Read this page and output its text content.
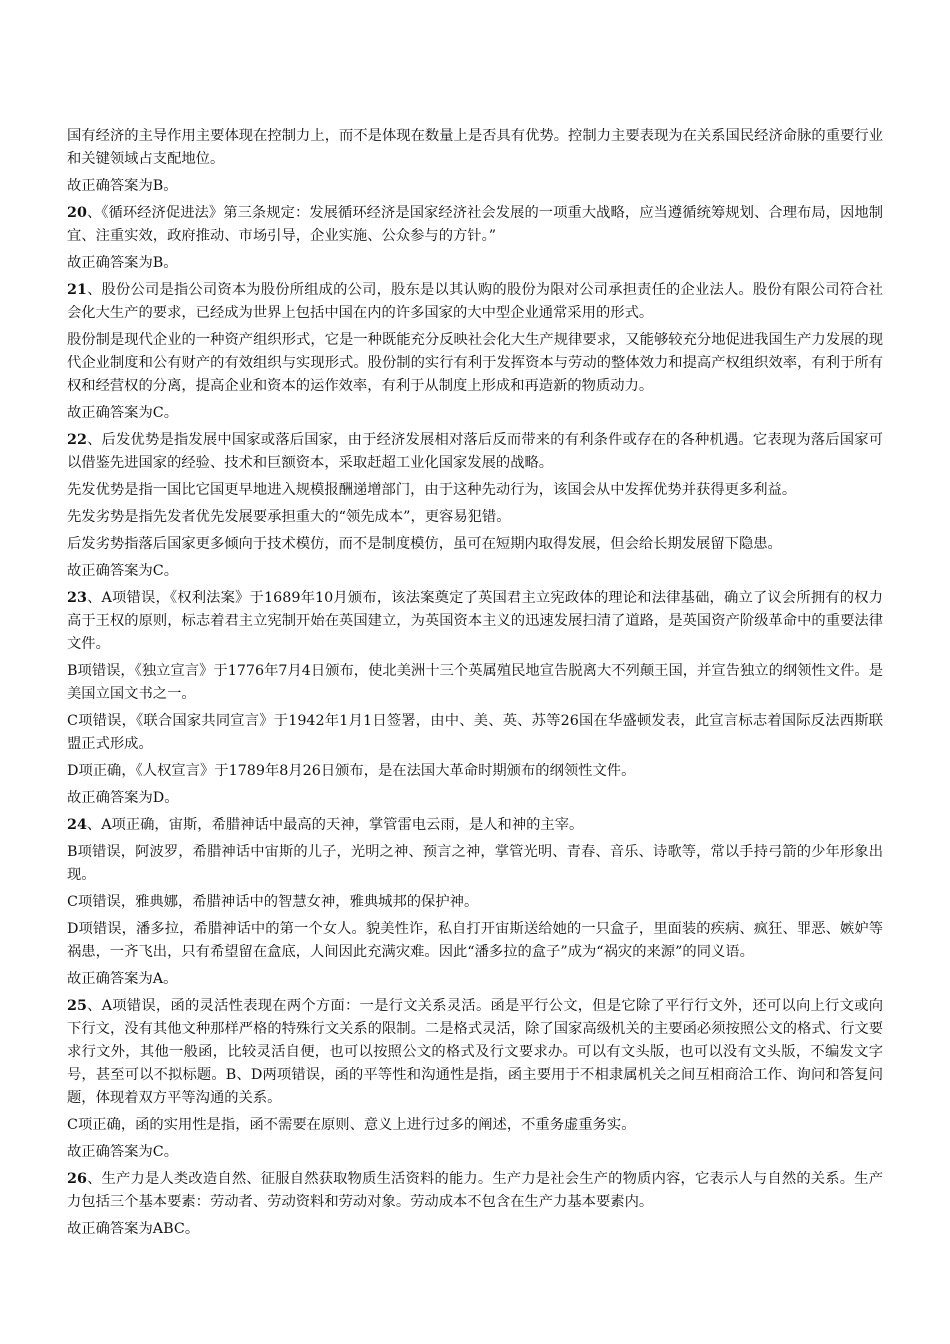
国有经济的主导作用主要体现在控制力上，而不是体现在数量上是否具有优势。控制力主要表现为在关系国民经济命脉的重要行业和关键领域占支配地位。

故正确答案为B。

20、《循环经济促进法》第三条规定：发展循环经济是国家经济社会发展的一项重大战略，应当遵循统筹规划、合理布局，因地制宜、注重实效，政府推动、市场引导，企业实施、公众参与的方针。”

故正确答案为B。

21、股份公司是指公司资本为股份所组成的公司，股东是以其认购的股份为限对公司承担责任的企业法人。股份有限公司符合社会化大生产的要求，已经成为世界上包括中国在内的许多国家的大中型企业通常采用的形式。

股份制是现代企业的一种资产组织形式，它是一种既能充分反映社会化大生产规律要求，又能够较充分地促进我国生产力发展的现代企业制度和公有财产的有效组织与实现形式。股份制的实行有利于发挥资本与劳动的整体效力和提高产权组织效率，有利于所有权和经营权的分离，提高企业和资本的运作效率，有利于从制度上形成和再造新的物质动力。

故正确答案为C。

22、后发优势是指发展中国家或落后国家，由于经济发展相对落后反而带来的有利条件或存在的各种机遇。它表现为落后国家可以借鉴先进国家的经验、技术和巨额资本，采取赶超工业化国家发展的战略。

先发优势是指一国比它国更早地进入规模报酬递增部门，由于这种先动行为，该国会从中发挥优势并获得更多利益。

先发劣势是指先发者优先发展要承担重大的“领先成本”，更容易犯错。

后发劣势指落后国家更多倾向于技术模仿，而不是制度模仿，虽可在短期内取得发展，但会给长期发展留下隐患。

故正确答案为C。

23、A项错误，《权利法案》于1689年10月颁布，该法案奠定了英国君主立宪政体的理论和法律基础，确立了议会所拥有的权力高于王权的原则，标志着君主立宪制开始在英国建立，为英国资本主义的迅速发展扫清了道路，是英国资产阶级革命中的重要法律文件。

B项错误，《独立宣言》于1776年7月4日颁布，使北美洲十三个英属殖民地宣告脱离大不列颠王国，并宣告独立的纲领性文件。是美国立国文书之一。

C项错误，《联合国家共同宣言》于1942年1月1日签署，由中、美、英、苏等26国在华盛顿发表，此宣言标志着国际反法西斯联盟正式形成。

D项正确，《人权宣言》于1789年8月26日颁布，是在法国大革命时期颁布的纲领性文件。

故正确答案为D。

24、A项正确，宙斯，希腊神话中最高的天神，掌管雷电云雨，是人和神的主宰。

B项错误，阿波罗，希腊神话中宙斯的儿子，光明之神、预言之神，掌管光明、青春、音乐、诗歌等，常以手持弓箭的少年形象出现。

C项错误，雅典娜，希腊神话中的智慧女神，雅典城邦的保护神。

D项错误，潘多拉，希腊神话中的第一个女人。貌美性诈，私自打开宙斯送给她的一只盒子，里面装的疾病、疯狂、罪恶、嫉妒等祸患，一齐飞出，只有希望留在盒底，人间因此充满灾难。因此“潘多拉的盒子”成为“祸灾的来源”的同义语。

故正确答案为A。

25、A项错误，函的灵活性表现在两个方面：一是行文关系灵活。函是平行公文，但是它除了平行行文外，还可以向上行文或向下行文，没有其他文种那样严格的特殊行文关系的限制。二是格式灵活，除了国家高级机关的主要函必须按照公文的格式、行文要求行文外，其他一般函，比较灵活自便，也可以按照公文的格式及行文要求办。可以有文头版，也可以没有文头版，不编发文字号，甚至可以不拟标题。B、D两项错误，函的平等性和沟通性是指，函主要用于不相隶属机关之间互相商洽工作、询问和答复问题，体现着双方平等沟通的关系。

C项正确，函的实用性是指，函不需要在原则、意义上进行过多的阐述，不重务虚重务实。

故正确答案为C。

26、生产力是人类改造自然、征服自然获取物质生活资料的能力。生产力是社会生产的物质内容，它表示人与自然的关系。生产力包括三个基本要素：劳动者、劳动资料和劳动对象。劳动成本不包含在生产力基本要素内。

故正确答案为ABC。
